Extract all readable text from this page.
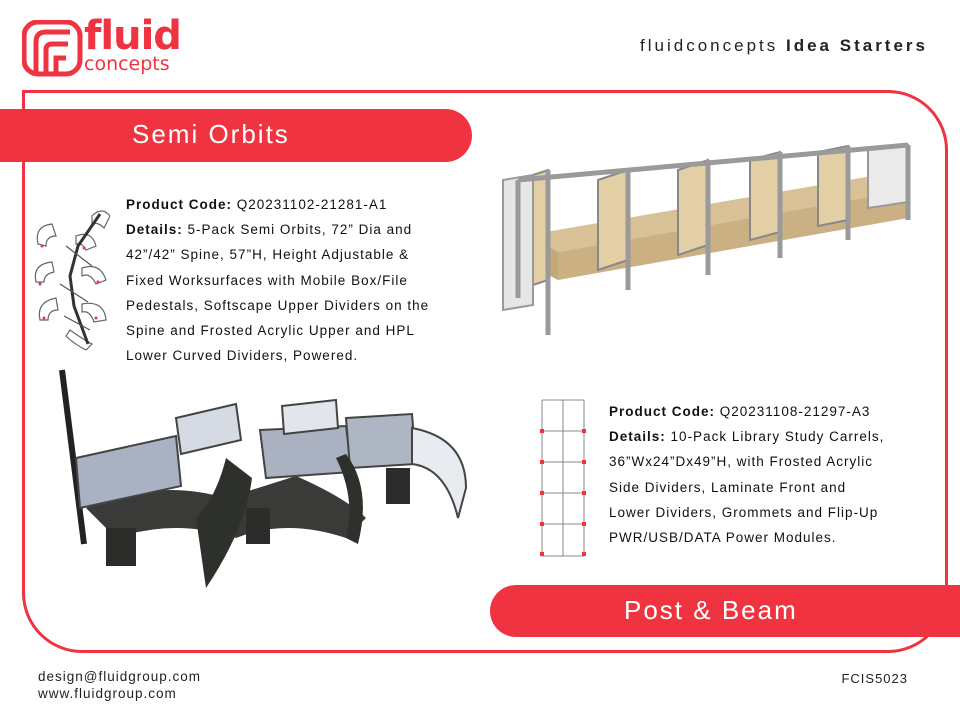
fluid
concepts
fluidconcepts Idea Starters
Semi Orbits
Product Code: Q20231102-21281-A1
Details: 5-Pack Semi Orbits, 72” Dia and
42”/42” Spine, 57”H, Height Adjustable &
Fixed Worksurfaces with Mobile Box/File
Pedestals, Softscape Upper Dividers on the
Spine and Frosted Acrylic Upper and HPL
Lower Curved Dividers, Powered.
Product Code: Q20231108-21297-A3
Details: 10-Pack Library Study Carrels,
36”Wx24”Dx49”H, with Frosted Acrylic
Side Dividers, Laminate Front and
Lower Dividers, Grommets and Flip-Up
PWR/USB/DATA Power Modules.
Post & Beam
design@fluidgroup.com
www.fluidgroup.com
FCIS5023
